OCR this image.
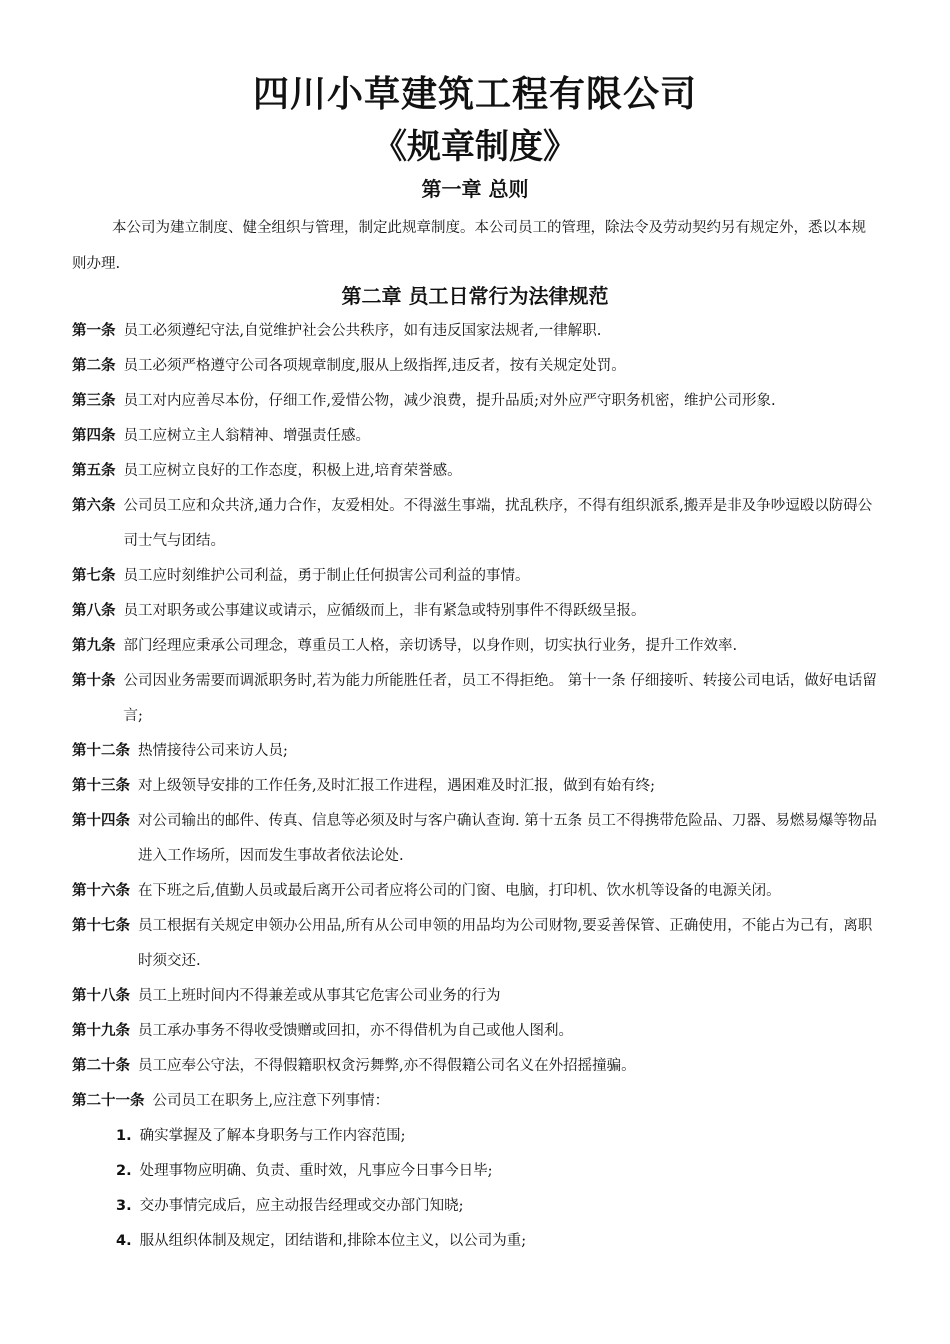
四川小草建筑工程有限公司
《规章制度》
第一章 总则
本公司为建立制度、健全组织与管理，制定此规章制度。本公司员工的管理，除法令及劳动契约另有规定外，悉以本规则办理.
第二章 员工日常行为法律规范
第一条 员工必须遵纪守法,自觉维护社会公共秩序，如有违反国家法规者,一律解职.
第二条 员工必须严格遵守公司各项规章制度,服从上级指挥,违反者，按有关规定处罚。
第三条 员工对内应善尽本份，仔细工作,爱惜公物，减少浪费，提升品质;对外应严守职务机密，维护公司形象.
第四条 员工应树立主人翁精神、增强责任感。
第五条 员工应树立良好的工作态度，积极上进,培育荣誉感。
第六条 公司员工应和众共济,通力合作，友爱相处。不得滋生事端，扰乱秩序，不得有组织派系,搬弄是非及争吵逗殴以防碍公司士气与团结。
第七条 员工应时刻维护公司利益，勇于制止任何损害公司利益的事情。
第八条 员工对职务或公事建议或请示，应循级而上，非有紧急或特别事件不得跃级呈报。
第九条 部门经理应秉承公司理念，尊重员工人格，亲切诱导，以身作则，切实执行业务，提升工作效率.
第十条 公司因业务需要而调派职务时,若为能力所能胜任者，员工不得拒绝。 第十一条 仔细接听、转接公司电话，做好电话留言;
第十二条 热情接待公司来访人员;
第十三条 对上级领导安排的工作任务,及时汇报工作进程，遇困难及时汇报，做到有始有终;
第十四条 对公司输出的邮件、传真、信息等必须及时与客户确认查询. 第十五条 员工不得携带危险品、刀器、易燃易爆等物品进入工作场所，因而发生事故者依法论处.
第十六条 在下班之后,值勤人员或最后离开公司者应将公司的门窗、电脑，打印机、饮水机等设备的电源关闭。
第十七条 员工根据有关规定申领办公用品,所有从公司申领的用品均为公司财物,要妥善保管、正确使用，不能占为己有，离职时须交还.
第十八条 员工上班时间内不得兼差或从事其它危害公司业务的行为
第十九条 员工承办事务不得收受馈赠或回扣，亦不得借机为自己或他人图利。
第二十条 员工应奉公守法，不得假籍职权贪污舞弊,亦不得假籍公司名义在外招摇撞骗。
第二十一条 公司员工在职务上,应注意下列事情：
1. 确实掌握及了解本身职务与工作内容范围;
2. 处理事物应明确、负责、重时效，凡事应今日事今日毕;
3. 交办事情完成后，应主动报告经理或交办部门知晓;
4. 服从组织体制及规定，团结谐和,排除本位主义，以公司为重;
